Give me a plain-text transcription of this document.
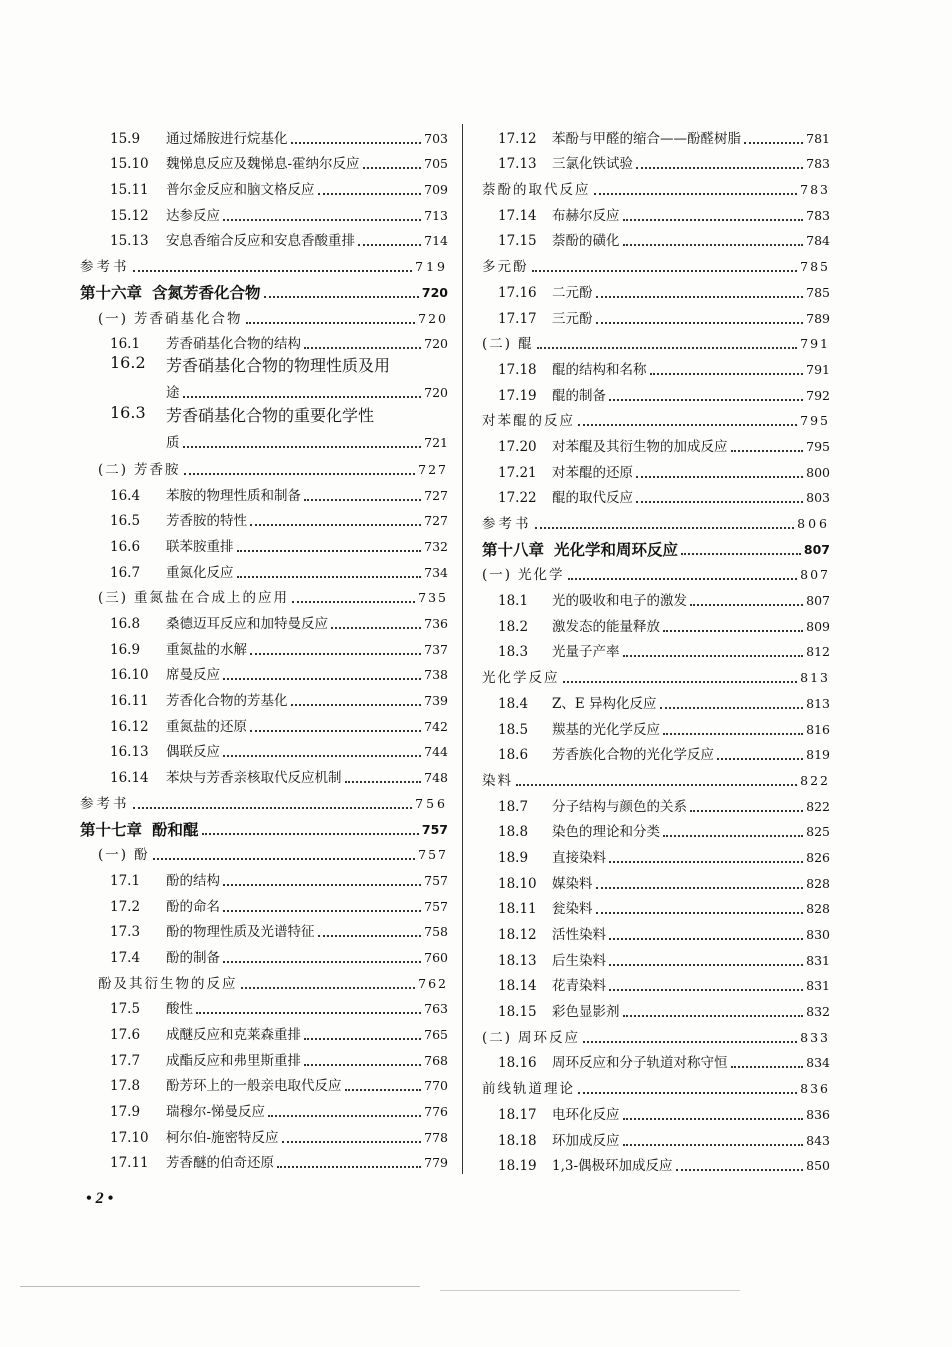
15.9	通过烯胺进行烷基化	703
15.10	魏悌息反应及魏悌息-霍纳尔反应	705
15.11	普尔金反应和脑文格反应	709
15.12	达参反应	713
15.13	安息香缩合反应和安息香酸重排	714
参考书	719
第十六章 含氮芳香化合物	720
(一) 芳香硝基化合物	720
16.1	芳香硝基化合物的结构	720
16.2	芳香硝基化合物的物理性质及用
途	720
16.3	芳香硝基化合物的重要化学性
质	721
(二) 芳香胺	727
16.4	苯胺的物理性质和制备	727
16.5	芳香胺的特性	727
16.6	联苯胺重排	732
16.7	重氮化反应	734
(三) 重氮盐在合成上的应用	735
16.8	桑德迈耳反应和加特曼反应	736
16.9	重氮盐的水解	737
16.10	席曼反应	738
16.11	芳香化合物的芳基化	739
16.12	重氮盐的还原	742
16.13	偶联反应	744
16.14	苯炔与芳香亲核取代反应机制	748
参考书	756
第十七章 酚和醌	757
(一) 酚	757
17.1	酚的结构	757
17.2	酚的命名	757
17.3	酚的物理性质及光谱特征	758
17.4	酚的制备	760
酚及其衍生物的反应	762
17.5	酸性	763
17.6	成醚反应和克莱森重排	765
17.7	成酯反应和弗里斯重排	768
17.8	酚芳环上的一般亲电取代反应	770
17.9	瑞穆尔-悌曼反应	776
17.10	柯尔伯-施密特反应	778
17.11	芳香醚的伯奇还原	779
17.12	苯酚与甲醛的缩合——酚醛树脂	781
17.13	三氯化铁试验	783
萘酚的取代反应	783
17.14	布赫尔反应	783
17.15	萘酚的磺化	784
多元酚	785
17.16	二元酚	785
17.17	三元酚	789
(二) 醌	791
17.18	醌的结构和名称	791
17.19	醌的制备	792
对苯醌的反应	795
17.20	对苯醌及其衍生物的加成反应	795
17.21	对苯醌的还原	800
17.22	醌的取代反应	803
参考书	806
第十八章 光化学和周环反应	807
(一) 光化学	807
18.1	光的吸收和电子的激发	807
18.2	激发态的能量释放	809
18.3	光量子产率	812
光化学反应	813
18.4	Z、E 异构化反应	813
18.5	羰基的光化学反应	816
18.6	芳香族化合物的光化学反应	819
染料	822
18.7	分子结构与颜色的关系	822
18.8	染色的理论和分类	825
18.9	直接染料	826
18.10	媒染料	828
18.11	瓮染料	828
18.12	活性染料	830
18.13	后生染料	831
18.14	花青染料	831
18.15	彩色显影剂	832
(二) 周环反应	833
18.16	周环反应和分子轨道对称守恒	834
前线轨道理论	836
18.17	电环化反应	836
18.18	环加成反应	843
18.19	1,3-偶极环加成反应	850
• 2 •
